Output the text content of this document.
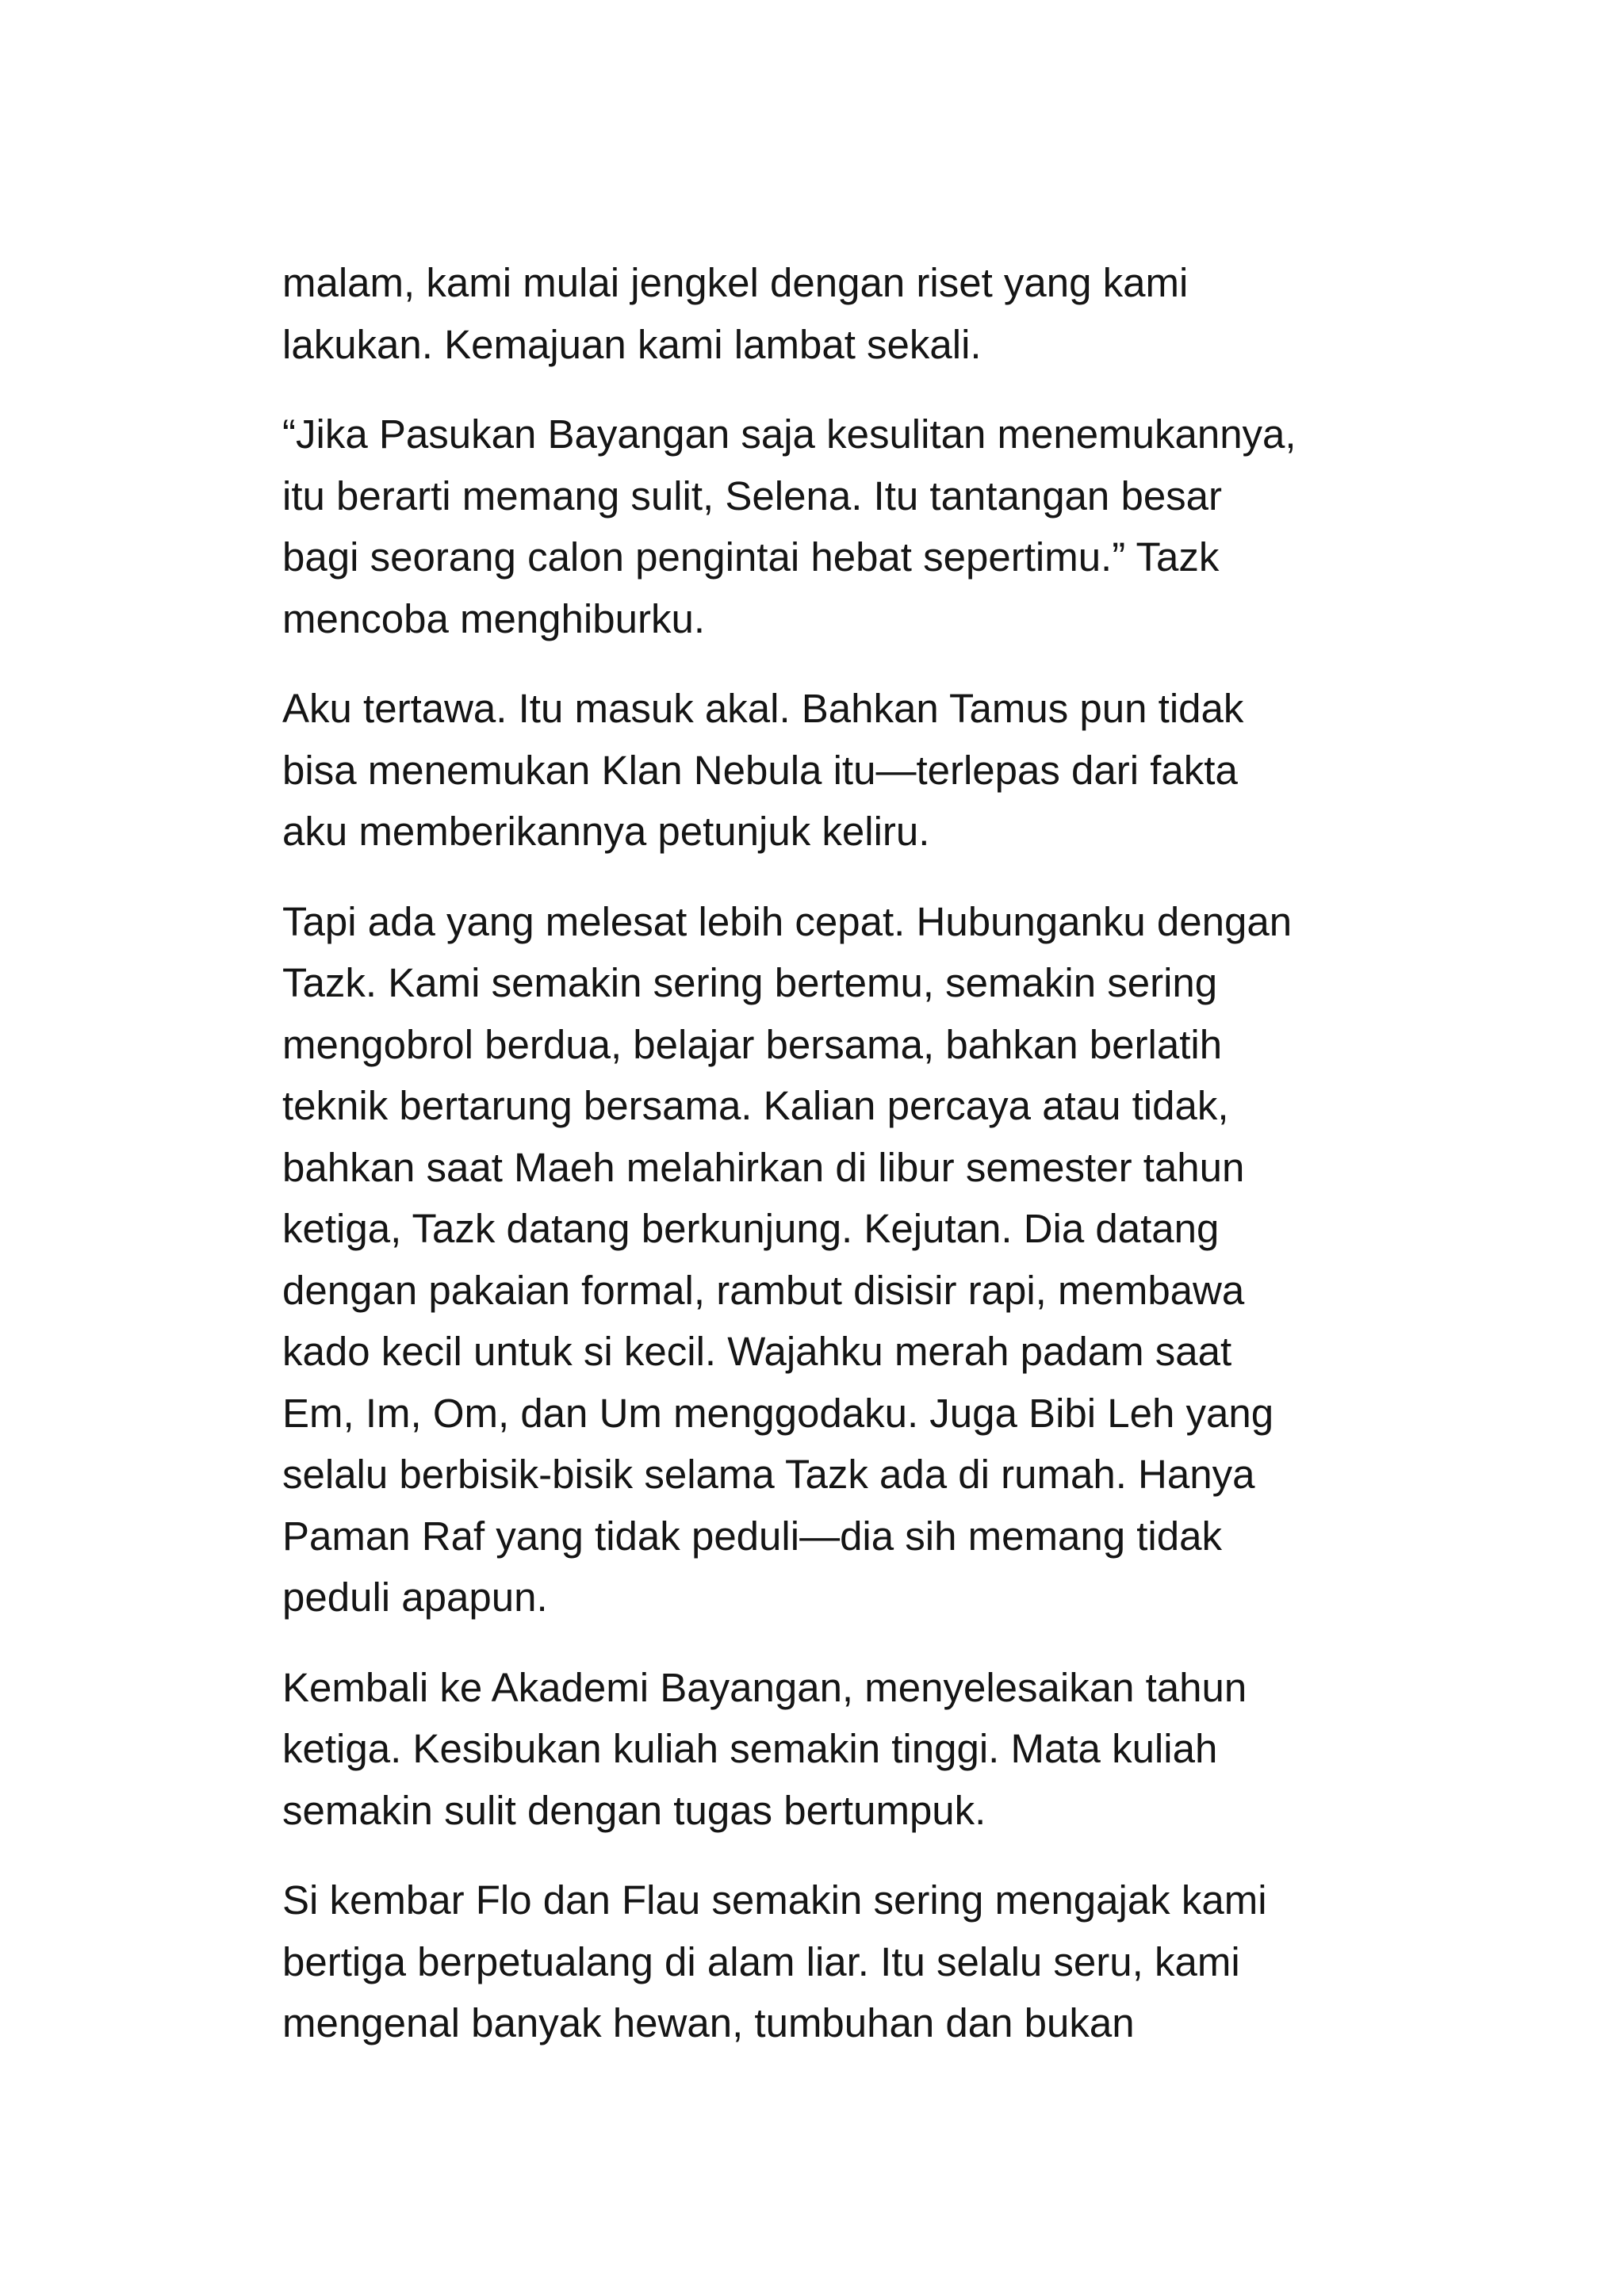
malam, kami mulai jengkel dengan riset yang kami
lakukan. Kemajuan kami lambat sekali.

“Jika Pasukan Bayangan saja kesulitan menemukannya,
itu berarti memang sulit, Selena. Itu tantangan besar
bagi seorang calon pengintai hebat sepertimu.” Tazk
mencoba menghiburku.

Aku tertawa. Itu masuk akal. Bahkan Tamus pun tidak
bisa menemukan Klan Nebula itu—terlepas dari fakta
aku memberikannya petunjuk keliru.

Tapi ada yang melesat lebih cepat. Hubunganku dengan
Tazk. Kami semakin sering bertemu, semakin sering
mengobrol berdua, belajar bersama, bahkan berlatih
teknik bertarung bersama. Kalian percaya atau tidak,
bahkan saat Maeh melahirkan di libur semester tahun
ketiga, Tazk datang berkunjung. Kejutan. Dia datang
dengan pakaian formal, rambut disisir rapi, membawa
kado kecil untuk si kecil. Wajahku merah padam saat
Em, Im, Om, dan Um menggodaku. Juga Bibi Leh yang
selalu berbisik-bisik selama Tazk ada di rumah. Hanya
Paman Raf yang tidak peduli—dia sih memang tidak
peduli apapun.

Kembali ke Akademi Bayangan, menyelesaikan tahun
ketiga. Kesibukan kuliah semakin tinggi. Mata kuliah
semakin sulit dengan tugas bertumpuk.

Si kembar Flo dan Flau semakin sering mengajak kami
bertiga berpetualang di alam liar. Itu selalu seru, kami
mengenal banyak hewan, tumbuhan dan bukan
